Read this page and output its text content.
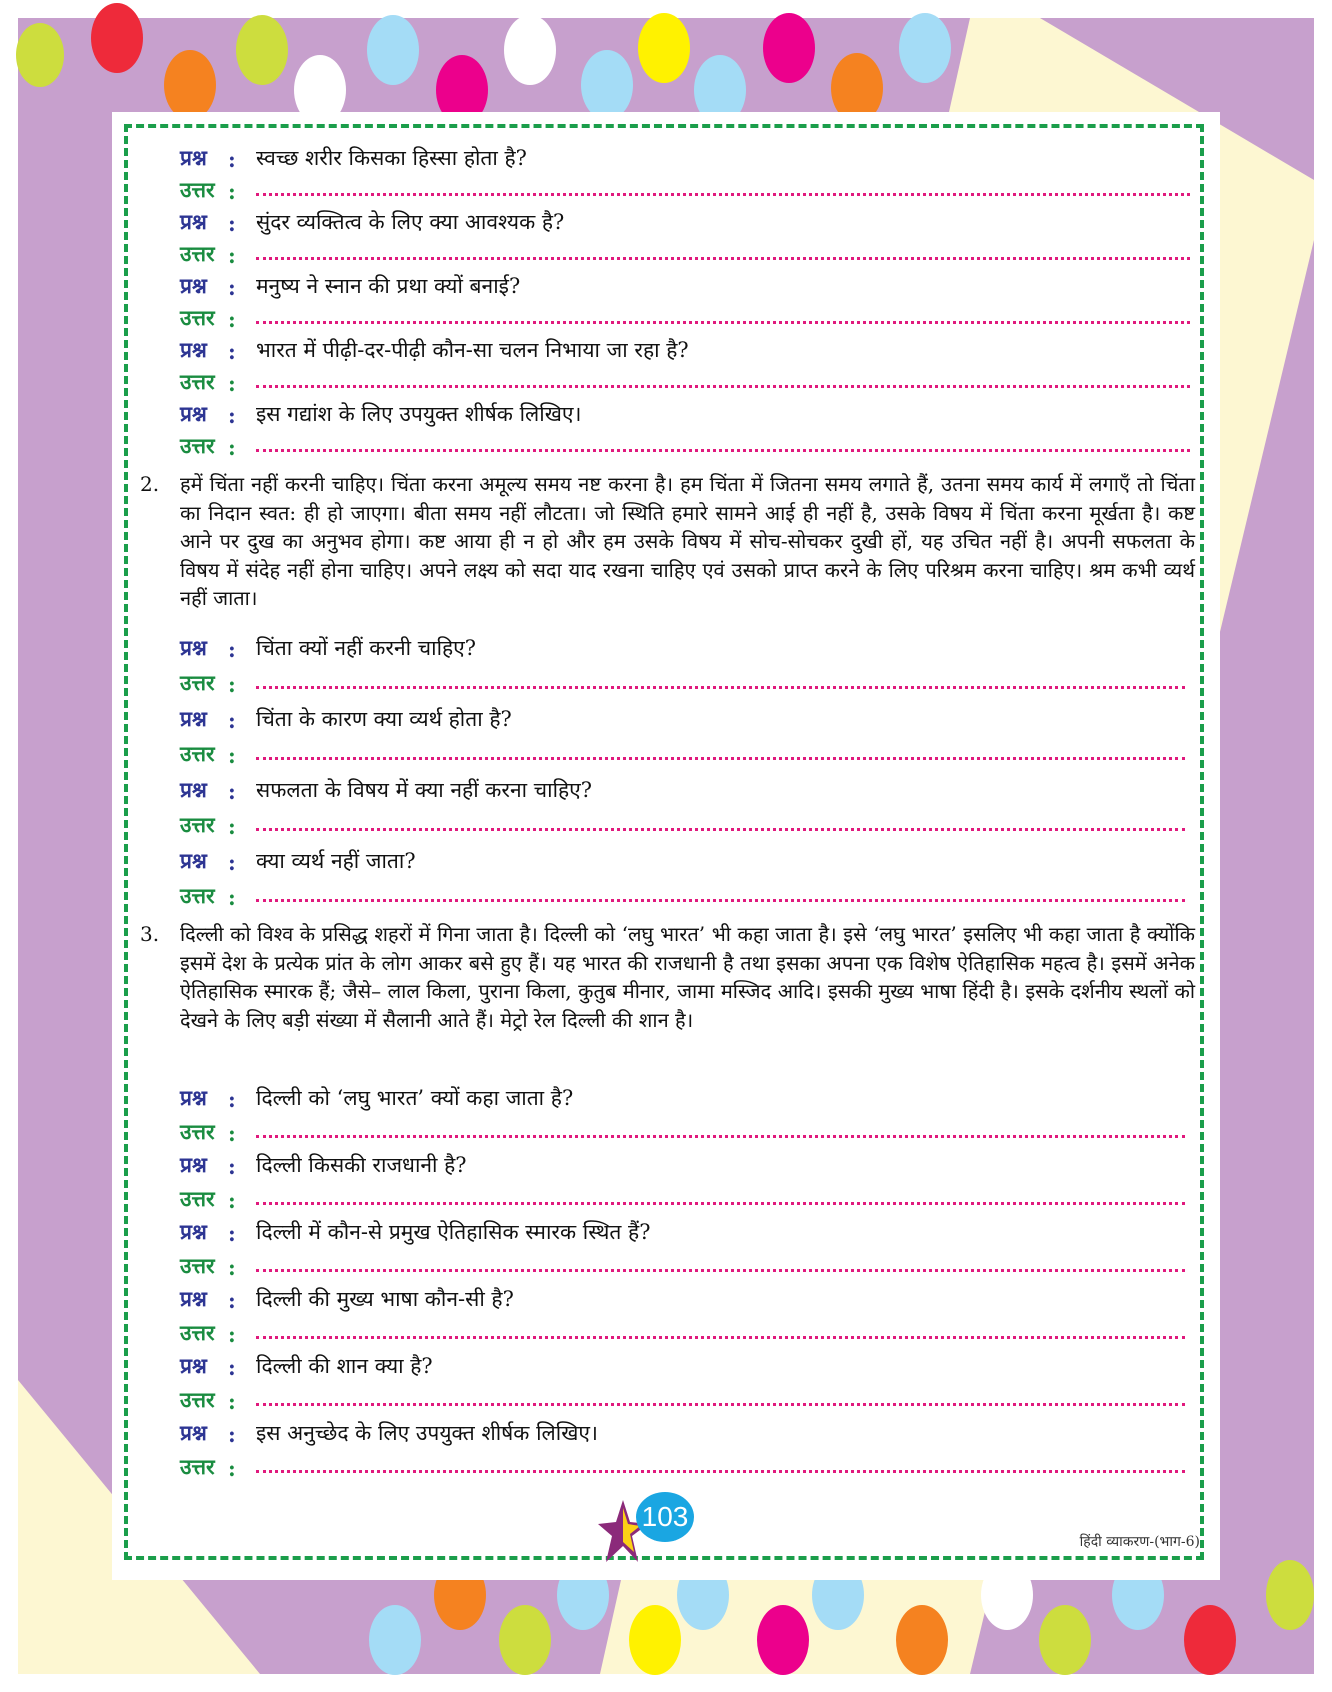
प्रश्न	: स्वच्छ शरीर किसका हिस्सा होता है?
उत्तर :
प्रश्न	: सुंदर व्यक्तित्व के लिए क्या आवश्यक है?
उत्तर :
प्रश्न	: मनुष्य ने स्नान की प्रथा क्यों बनाई?
उत्तर :
प्रश्न	: भारत में पीढ़ी-दर-पीढ़ी कौन-सा चलन निभाया जा रहा है?
उत्तर :
प्रश्न	: इस गद्यांश के लिए उपयुक्त शीर्षक लिखिए।
उत्तर :
2.	हमें चिंता नहीं करनी चाहिए। चिंता करना अमूल्य समय नष्ट करना है। हम चिंता में जितना समय लगाते हैं, उतना समय कार्य में लगाएँ तो चिंता का निदान स्वत: ही हो जाएगा। बीता समय नहीं लौटता। जो स्थिति हमारे सामने आई ही नहीं है, उसके विषय में चिंता करना मूर्खता है। कष्ट आने पर दुख का अनुभव होगा। कष्ट आया ही न हो और हम उसके विषय में सोच-सोचकर दुखी हों, यह उचित नहीं है। अपनी सफलता के विषय में संदेह नहीं होना चाहिए। अपने लक्ष्य को सदा याद रखना चाहिए एवं उसको प्राप्त करने के लिए परिश्रम करना चाहिए। श्रम कभी व्यर्थ नहीं जाता।
प्रश्न	: चिंता क्यों नहीं करनी चाहिए?
उत्तर :
प्रश्न	: चिंता के कारण क्या व्यर्थ होता है?
उत्तर :
प्रश्न	: सफलता के विषय में क्या नहीं करना चाहिए?
उत्तर :
प्रश्न	: क्या व्यर्थ नहीं जाता?
उत्तर :
3.	दिल्ली को विश्व के प्रसिद्ध शहरों में गिना जाता है। दिल्ली को ‘लघु भारत’ भी कहा जाता है। इसे ‘लघु भारत’ इसलिए भी कहा जाता है क्योंकि इसमें देश के प्रत्येक प्रांत के लोग आकर बसे हुए हैं। यह भारत की राजधानी है तथा इसका अपना एक विशेष ऐतिहासिक महत्व है। इसमें अनेक ऐतिहासिक स्मारक हैं; जैसे– लाल किला, पुराना किला, कुतुब मीनार, जामा मस्जिद आदि। इसकी मुख्य भाषा हिंदी है। इसके दर्शनीय स्थलों को देखने के लिए बड़ी संख्या में सैलानी आते हैं। मेट्रो रेल दिल्ली की शान है।
प्रश्न	: दिल्ली को ‘लघु भारत’ क्यों कहा जाता है?
उत्तर :
प्रश्न	: दिल्ली किसकी राजधानी है?
उत्तर :
प्रश्न	: दिल्ली में कौन-से प्रमुख ऐतिहासिक स्मारक स्थित हैं?
उत्तर :
प्रश्न	: दिल्ली की मुख्य भाषा कौन-सी है?
उत्तर :
प्रश्न	: दिल्ली की शान क्या है?
उत्तर :
प्रश्न	: इस अनुच्छेद के लिए उपयुक्त शीर्षक लिखिए।
उत्तर :
103
हिंदी व्याकरण-(भाग-6)
